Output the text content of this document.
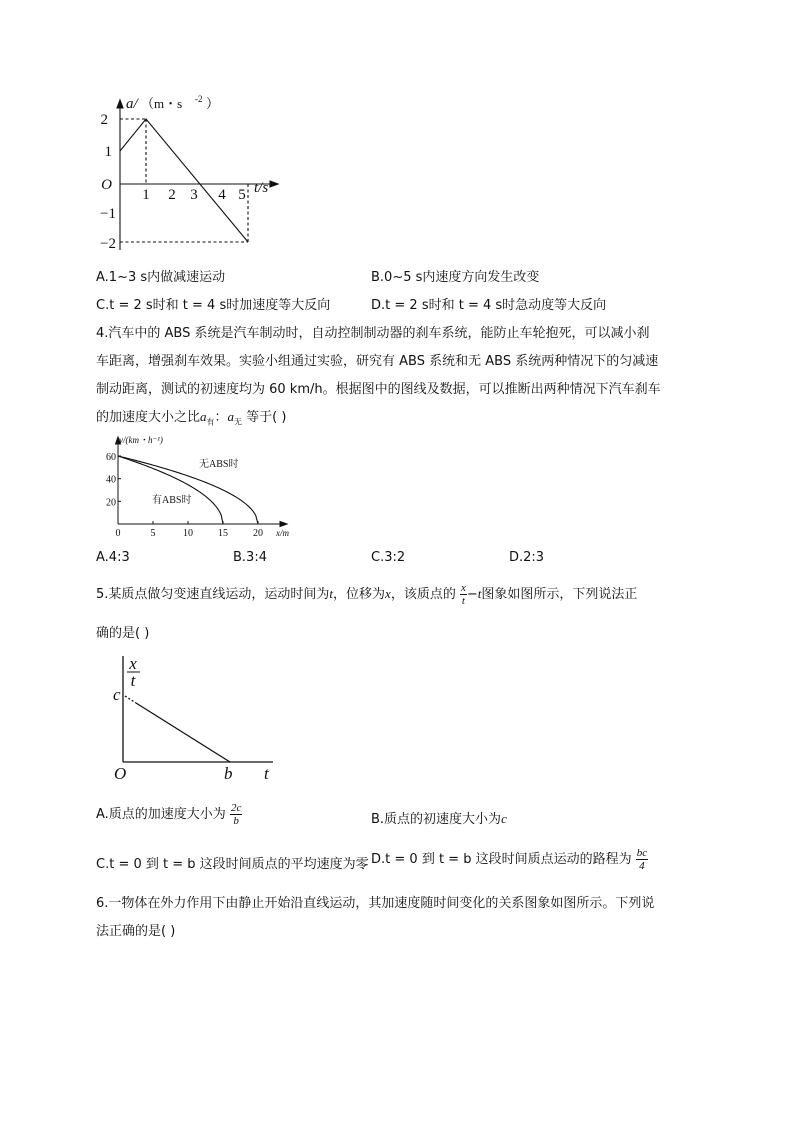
a/ （m・s -2 ）
2
1
O
−1
−2
1 2 3 4 5 t/s
A.1~3 s内做减速运动	B.0~5 s内速度方向发生改变
C.t = 2 s时和 t = 4 s时加速度等大反向	D.t = 2 s时和 t = 4 s时急动度等大反向
4.汽车中的 ABS 系统是汽车制动时，自动控制制动器的刹车系统，能防止车轮抱死，可以减小刹
车距离，增强刹车效果。实验小组通过实验，研究有 ABS 系统和无 ABS 系统两种情况下的匀减速
制动距离，测试的初速度均为 60 km/h。根据图中的图线及数据，可以推断出两种情况下汽车刹车
的加速度大小之比$a_有$：$a_无$ 等于( )
0	5	10	15	20
60
40
20
v/(km・h⁻¹)
x/m
无ABS时
有ABS时
A.4:3	B.3:4	C.3:2	D.2:3
5.某质点做匀变速直线运动，运动时间为t，位移为x，该质点的 $\frac{x}{t} -t$图象如图所示，下列说法正
确的是( )
x
t
c
O	b t
A.质点的加速度大小为 $\frac{2c}{b}$	B.质点的初速度大小为c
C.t = 0 到 t = b 这段时间质点的平均速度为零 D.t = 0 到 t = b 这段时间质点运动的路程为 $\frac{bc}{4}$
6.一物体在外力作用下由静止开始沿直线运动，其加速度随时间变化的关系图象如图所示。下列说
法正确的是( )
